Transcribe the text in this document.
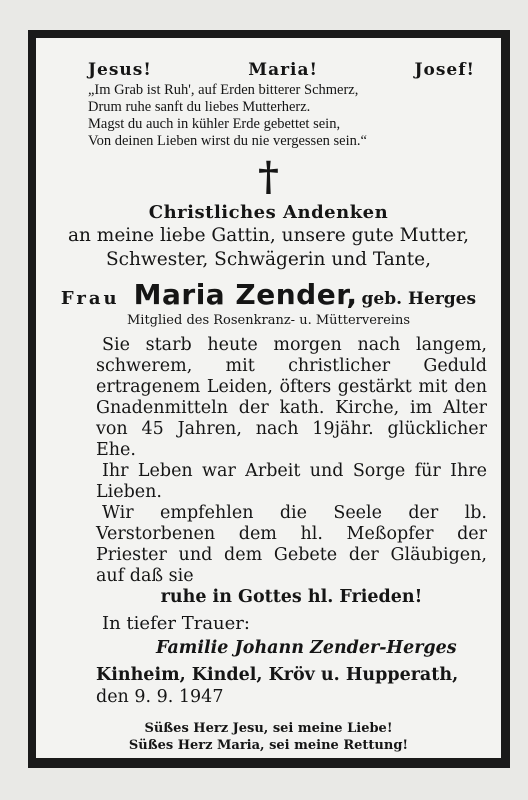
Jesus!	Maria!	Josef!
„Im Grab ist Ruh', auf Erden bitterer Schmerz,
Drum ruhe sanft du liebes Mutterherz.
Magst du auch in kühler Erde gebettet sein,
Von deinen Lieben wirst du nie vergessen sein.“
†
Christliches Andenken
an meine liebe Gattin, unsere gute Mutter,
Schwester, Schwägerin und Tante,
Frau Maria Zender, geb. Herges
Mitglied des Rosenkranz- u. Müttervereins

Sie starb heute morgen nach langem, schwerem, mit christlicher Geduld ertragenem Leiden, öfters gestärkt mit den Gnadenmitteln der kath. Kirche, im Alter von 45 Jahren, nach 19jähr. glücklicher Ehe.

Ihr Leben war Arbeit und Sorge für Ihre Lieben.

Wir empfehlen die Seele der lb. Verstorbenen dem hl. Meßopfer der Priester und dem Gebete der Gläubigen, auf daß sie

ruhe in Gottes hl. Frieden!

In tiefer Trauer:
Familie Johann Zender-Herges
Kinheim, Kindel, Kröv u. Hupperath,
den 9. 9. 1947
Süßes Herz Jesu, sei meine Liebe!
Süßes Herz Maria, sei meine Rettung!
